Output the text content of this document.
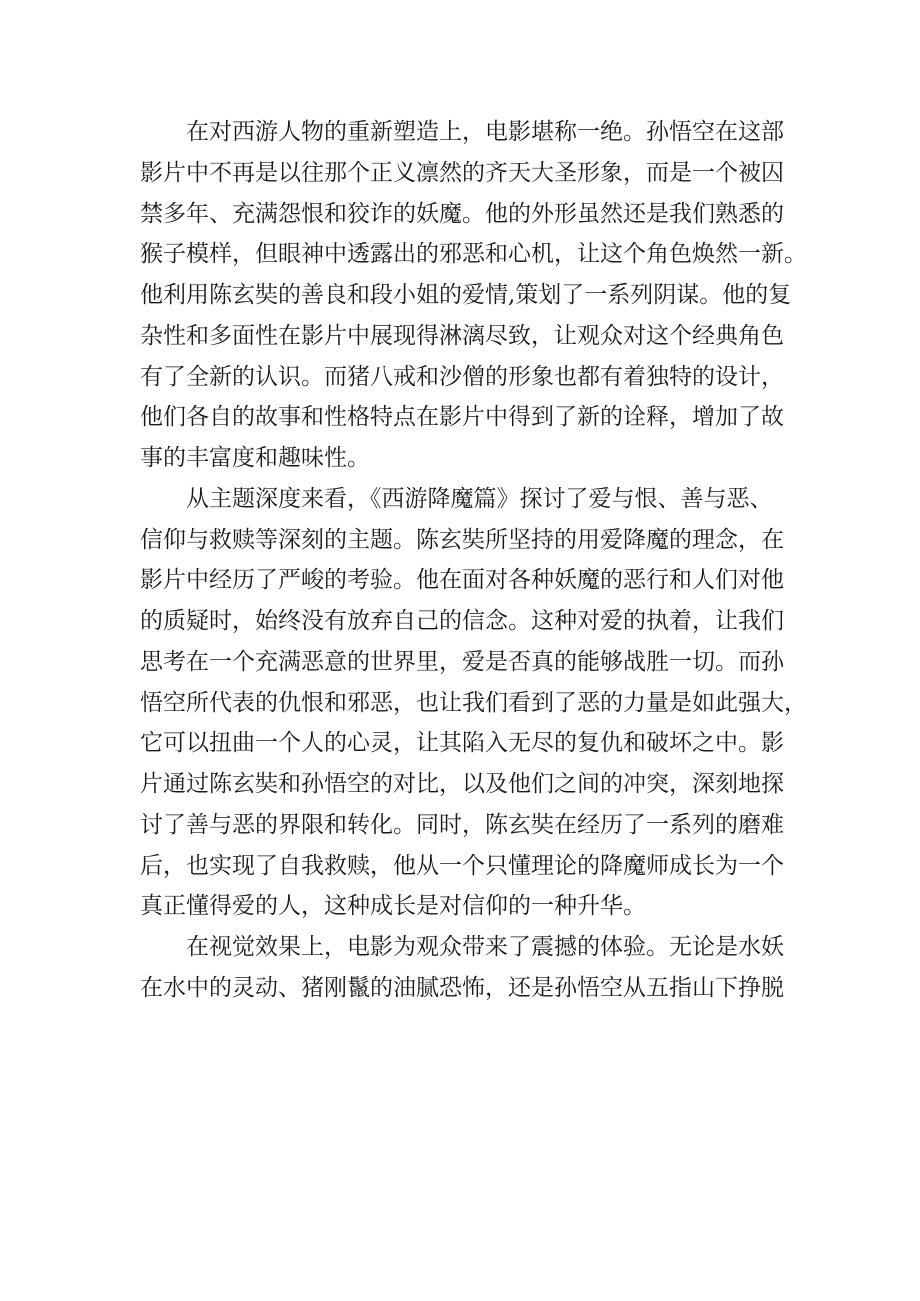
在对西游人物的重新塑造上，电影堪称一绝。孙悟空在这部
影片中不再是以往那个正义凛然的齐天大圣形象，而是一个被囚
禁多年、充满怨恨和狡诈的妖魔。他的外形虽然还是我们熟悉的
猴子模样，但眼神中透露出的邪恶和心机，让这个角色焕然一新。
他利用陈玄奘的善良和段小姐的爱情,策划了一系列阴谋。他的复
杂性和多面性在影片中展现得淋漓尽致，让观众对这个经典角色
有了全新的认识。而猪八戒和沙僧的形象也都有着独特的设计，
他们各自的故事和性格特点在影片中得到了新的诠释，增加了故
事的丰富度和趣味性。
从主题深度来看，《西游降魔篇》探讨了爱与恨、善与恶、
信仰与救赎等深刻的主题。陈玄奘所坚持的用爱降魔的理念，在
影片中经历了严峻的考验。他在面对各种妖魔的恶行和人们对他
的质疑时，始终没有放弃自己的信念。这种对爱的执着，让我们
思考在一个充满恶意的世界里，爱是否真的能够战胜一切。而孙
悟空所代表的仇恨和邪恶，也让我们看到了恶的力量是如此强大，
它可以扭曲一个人的心灵，让其陷入无尽的复仇和破坏之中。影
片通过陈玄奘和孙悟空的对比，以及他们之间的冲突，深刻地探
讨了善与恶的界限和转化。同时，陈玄奘在经历了一系列的磨难
后，也实现了自我救赎，他从一个只懂理论的降魔师成长为一个
真正懂得爱的人，这种成长是对信仰的一种升华。
在视觉效果上，电影为观众带来了震撼的体验。无论是水妖
在水中的灵动、猪刚鬣的油腻恐怖，还是孙悟空从五指山下挣脱
